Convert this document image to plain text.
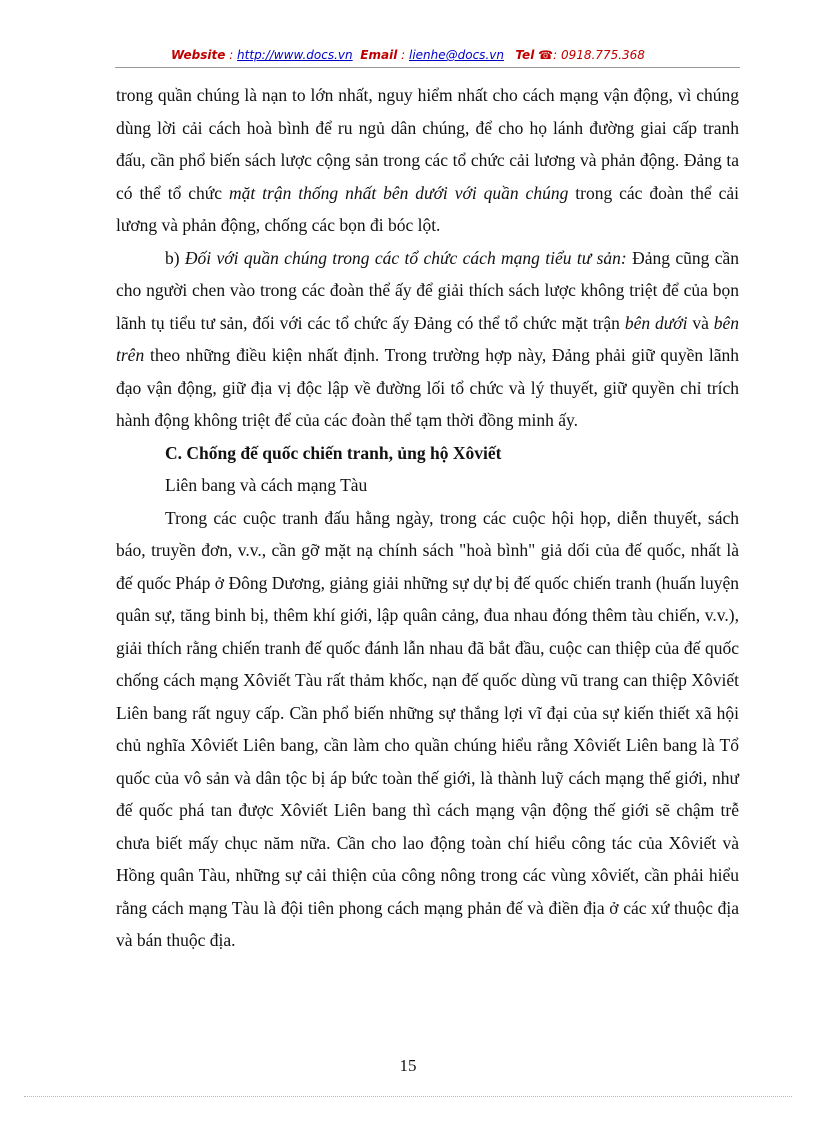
Website : http://www.docs.vn Email : lienhe@docs.vn Tel ☎: 0918.775.368

trong quần chúng là nạn to lớn nhất, nguy hiểm nhất cho cách mạng vận động, vì chúng dùng lời cải cách hoà bình để ru ngủ dân chúng, để cho họ lánh đường giai cấp tranh đấu, cần phổ biến sách lược cộng sản trong các tổ chức cải lương và phản động. Đảng ta có thể tổ chức mặt trận thống nhất bên dưới với quần chúng trong các đoàn thể cải lương và phản động, chống các bọn đi bóc lột.

b) Đối với quần chúng trong các tổ chức cách mạng tiểu tư sản: Đảng cũng cần cho người chen vào trong các đoàn thể ấy để giải thích sách lược không triệt để của bọn lãnh tụ tiểu tư sản, đối với các tổ chức ấy Đảng có thể tổ chức mặt trận bên dưới và bên trên theo những điều kiện nhất định. Trong trường hợp này, Đảng phải giữ quyền lãnh đạo vận động, giữ địa vị độc lập về đường lối tổ chức và lý thuyết, giữ quyền chỉ trích hành động không triệt để của các đoàn thể tạm thời đồng minh ấy.

C. Chống đế quốc chiến tranh, ủng hộ Xôviết

Liên bang và cách mạng Tàu

Trong các cuộc tranh đấu hằng ngày, trong các cuộc hội họp, diễn thuyết, sách báo, truyền đơn, v.v., cần gỡ mặt nạ chính sách "hoà bình" giả dối của đế quốc, nhất là đế quốc Pháp ở Đông Dương, giảng giải những sự dự bị đế quốc chiến tranh (huấn luyện quân sự, tăng binh bị, thêm khí giới, lập quân cảng, đua nhau đóng thêm tàu chiến, v.v.), giải thích rằng chiến tranh đế quốc đánh lẫn nhau đã bắt đầu, cuộc can thiệp của đế quốc chống cách mạng Xôviết Tàu rất thảm khốc, nạn đế quốc dùng vũ trang can thiệp Xôviết Liên bang rất nguy cấp. Cần phổ biến những sự thắng lợi vĩ đại của sự kiến thiết xã hội chủ nghĩa Xôviết Liên bang, cần làm cho quần chúng hiểu rằng Xôviết Liên bang là Tổ quốc của vô sản và dân tộc bị áp bức toàn thế giới, là thành luỹ cách mạng thế giới, như đế quốc phá tan được Xôviết Liên bang thì cách mạng vận động thế giới sẽ chậm trễ chưa biết mấy chục năm nữa. Cần cho lao động toàn chí hiểu công tác của Xôviết và Hồng quân Tàu, những sự cải thiện của công nông trong các vùng xôviết, cần phải hiểu rằng cách mạng Tàu là đội tiên phong cách mạng phản đế và điền địa ở các xứ thuộc địa và bán thuộc địa.

15
